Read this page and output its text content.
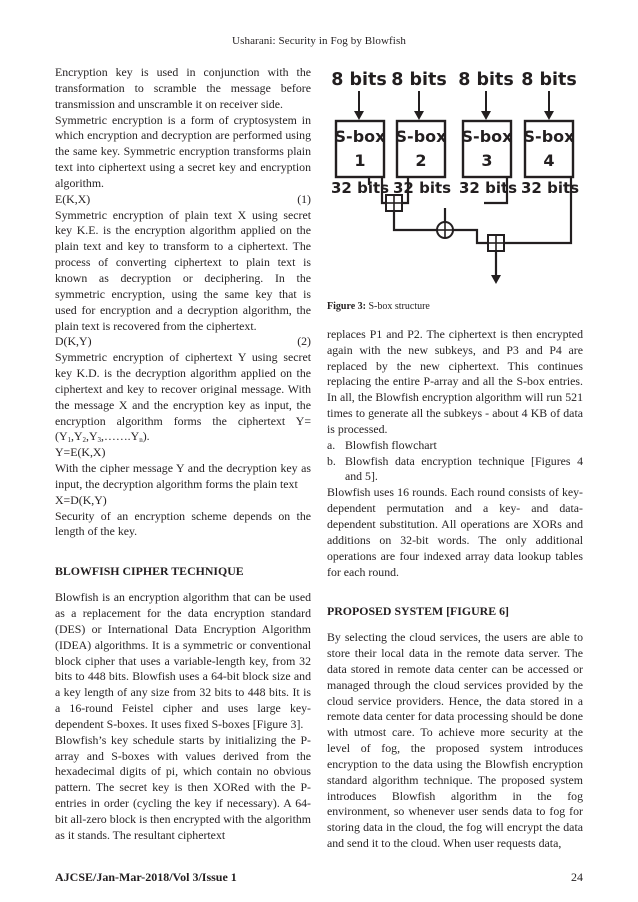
Usharani: Security in Fog by Blowfish

Encryption key is used in conjunction with the transformation to scramble the message before transmission and unscramble it on receiver side.

Symmetric encryption is a form of cryptosystem in which encryption and decryption are performed using the same key. Symmetric encryption transforms plain text into ciphertext using a secret key and encryption algorithm.

E(K,X)	(1)

Symmetric encryption of plain text X using secret key K.E. is the encryption algorithm applied on the plain text and key to transform to a ciphertext. The process of converting ciphertext to plain text is known as decryption or deciphering. In the symmetric encryption, using the same key that is used for encryption and a decryption algorithm, the plain text is recovered from the ciphertext.

D(K,Y)	(2)

Symmetric encryption of ciphertext Y using secret key K.D. is the decryption algorithm applied on the ciphertext and key to recover original message. With the message X and the encryption key as input, the encryption algorithm forms the ciphertext $Y=(Y_1,Y_2,Y_3,\dots\dots.Y_n)$.

Y=E(K,X)

With the cipher message Y and the decryption key as input, the decryption algorithm forms the plain text

X=D(K,Y)

Security of an encryption scheme depends on the length of the key.

BLOWFISH CIPHER TECHNIQUE

Blowfish is an encryption algorithm that can be used as a replacement for the data encryption standard (DES) or International Data Encryption Algorithm (IDEA) algorithms. It is a symmetric or conventional block cipher that uses a variable-length key, from 32 bits to 448 bits. Blowfish uses a 64-bit block size and a key length of any size from 32 bits to 448 bits. It is a 16-round Feistel cipher and uses large key-dependent S-boxes. It uses fixed S-boxes [Figure 3].

Blowfish’s key schedule starts by initializing the P-array and S-boxes with values derived from the hexadecimal digits of pi, which contain no obvious pattern. The secret key is then XORed with the P-entries in order (cycling the key if necessary). A 64-bit all-zero block is then encrypted with the algorithm as it stands. The resultant ciphertext

8 bits 8 bits 8 bits 8 bits
S-box S-box S-box S-box
1	2	3	4
32 bits 32 bits 32 bits 32 bits
Figure 3: S-box structure

replaces P1 and P2. The ciphertext is then encrypted again with the new subkeys, and P3 and P4 are replaced by the new ciphertext. This continues replacing the entire P-array and all the S-box entries. In all, the Blowfish encryption algorithm will run 521 times to generate all the subkeys - about 4 KB of data is processed.

a. Blowfish flowchart
b. Blowfish data encryption technique [Figures 4 and 5].

Blowfish uses 16 rounds. Each round consists of key-dependent permutation and a key- and data-dependent substitution. All operations are XORs and additions on 32-bit words. The only additional operations are four indexed array data lookup tables for each round.

PROPOSED SYSTEM [FIGURE 6]

By selecting the cloud services, the users are able to store their local data in the remote data server. The data stored in remote data center can be accessed or managed through the cloud services provided by the cloud service providers. Hence, the data stored in a remote data center for data processing should be done with utmost care. To achieve more security at the level of fog, the proposed system introduces encryption to the data using the Blowfish encryption standard algorithm technique. The proposed system introduces Blowfish algorithm in the fog environment, so whenever user sends data to fog for storing data in the cloud, the fog will encrypt the data and send it to the cloud. When user requests data,

AJCSE/Jan-Mar-2018/Vol 3/Issue 1	24
